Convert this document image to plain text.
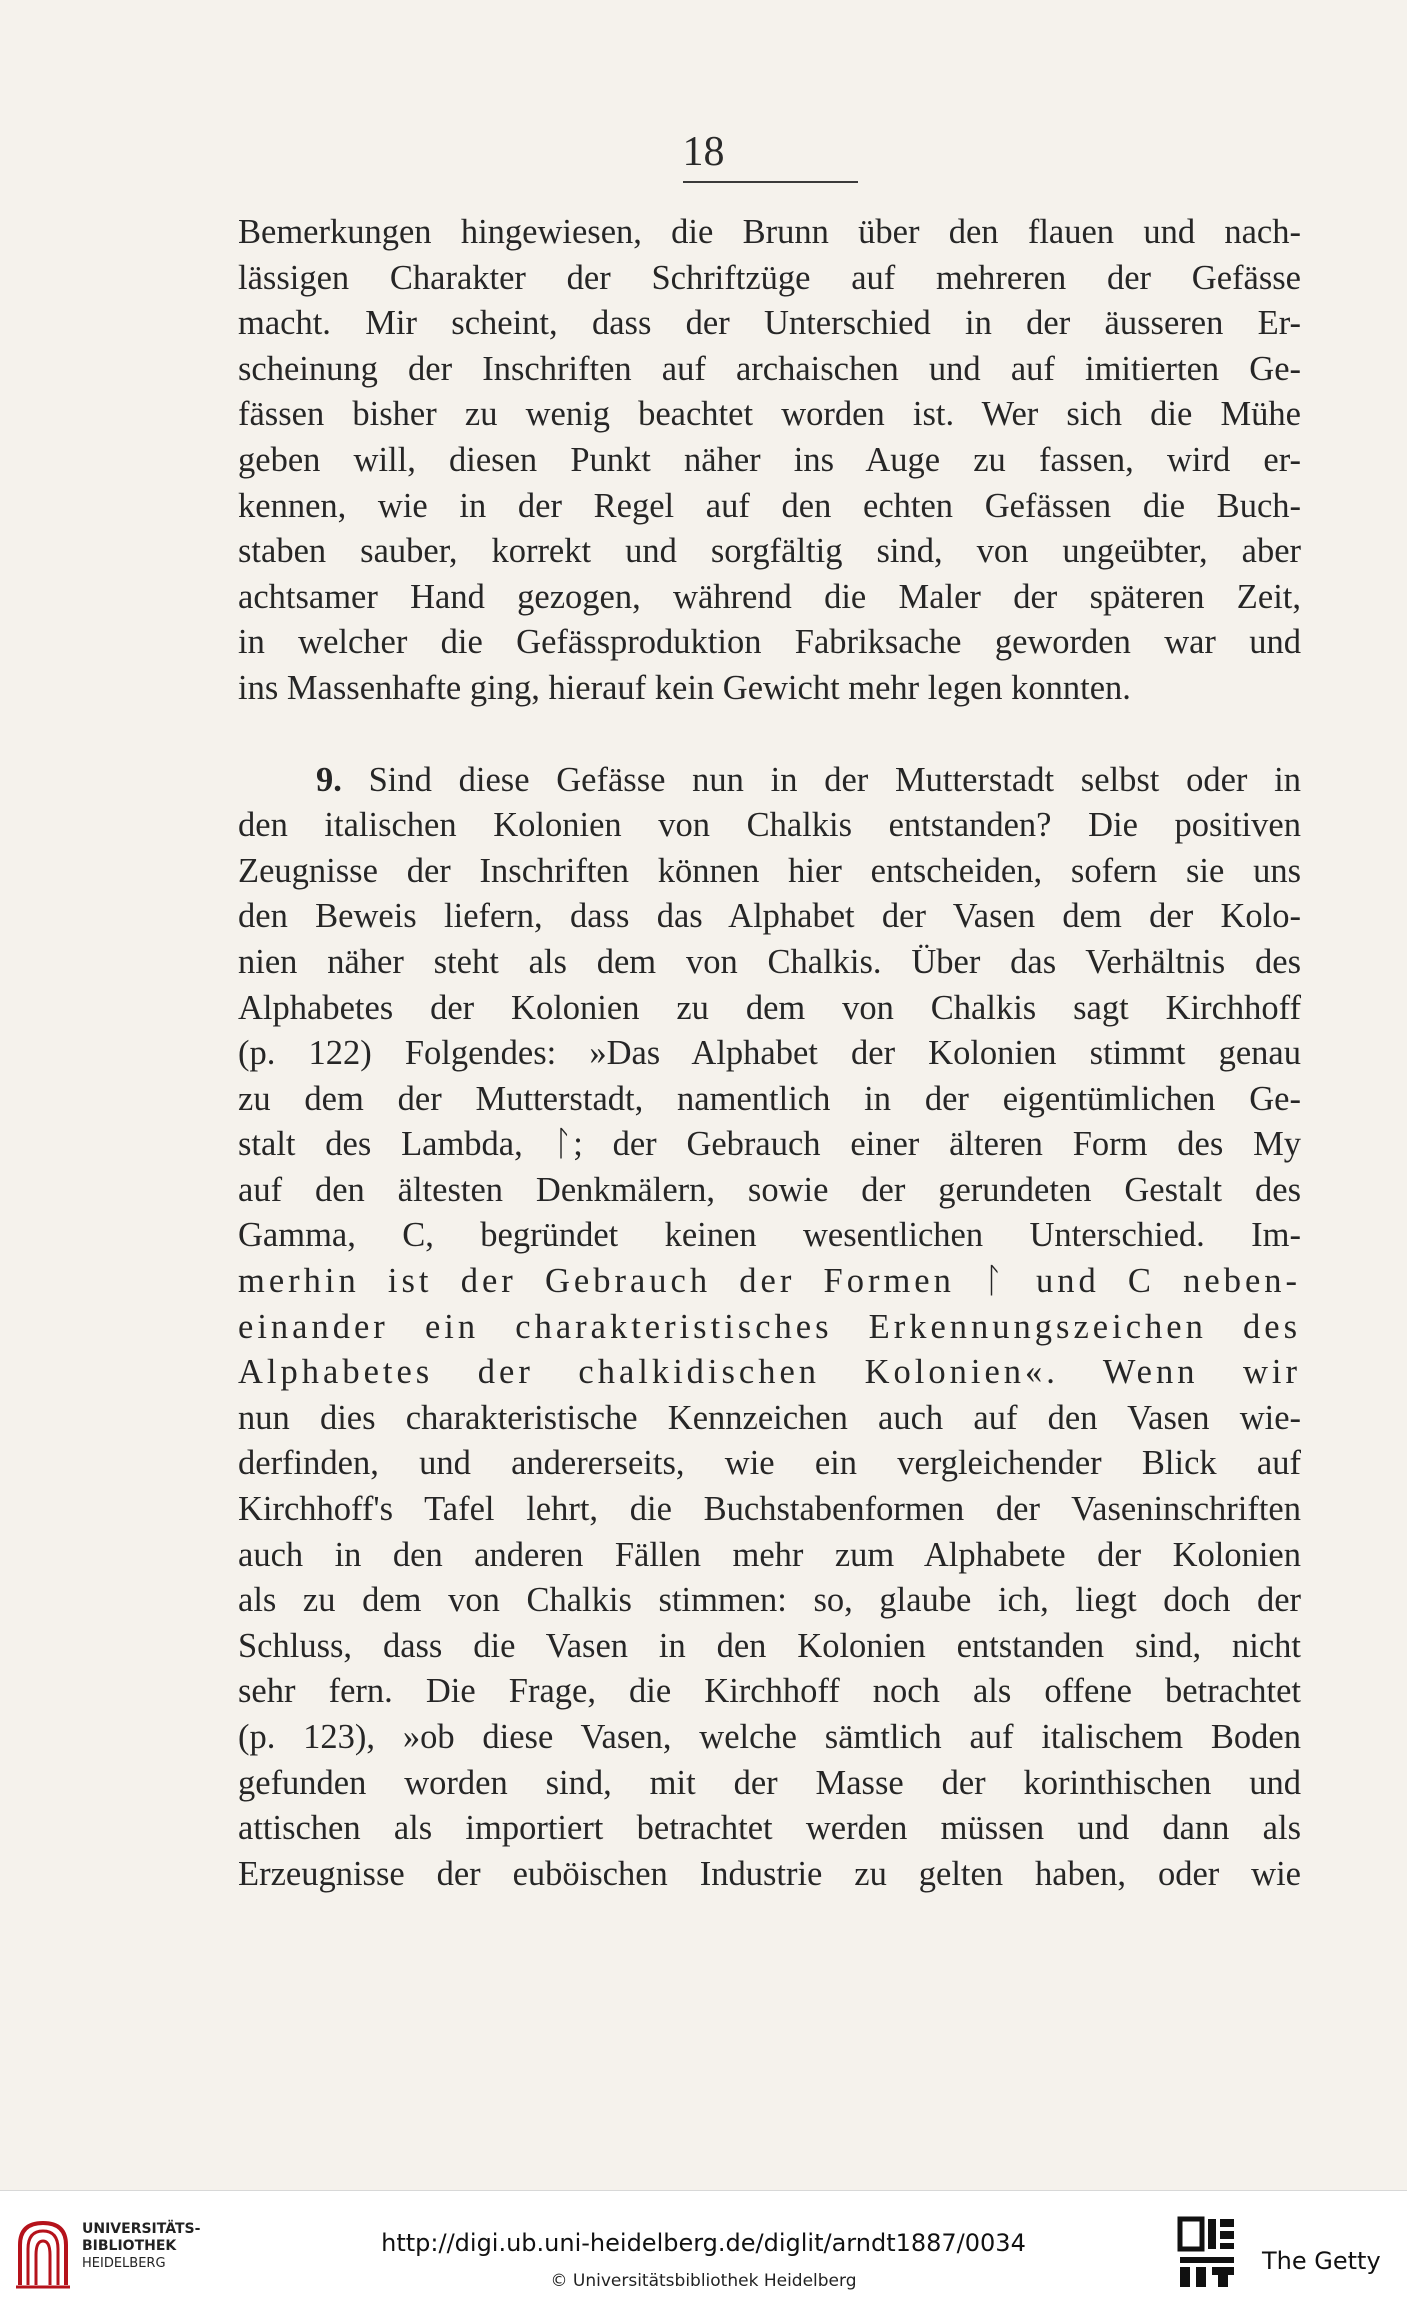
18
Bemerkungen hingewiesen, die Brunn über den flauen und nach-
lässigen Charakter der Schriftzüge auf mehreren der Gefässe
macht. Mir scheint, dass der Unterschied in der äusseren Er-
scheinung der Inschriften auf archaischen und auf imitierten Ge-
fässen bisher zu wenig beachtet worden ist. Wer sich die Mühe
geben will, diesen Punkt näher ins Auge zu fassen, wird er-
kennen, wie in der Regel auf den echten Gefässen die Buch-
staben sauber, korrekt und sorgfältig sind, von ungeübter, aber
achtsamer Hand gezogen, während die Maler der späteren Zeit,
in welcher die Gefässproduktion Fabriksache geworden war und
ins Massenhafte ging, hierauf kein Gewicht mehr legen konnten.
9. Sind diese Gefässe nun in der Mutterstadt selbst oder in
den italischen Kolonien von Chalkis entstanden? Die positiven
Zeugnisse der Inschriften können hier entscheiden, sofern sie uns
den Beweis liefern, dass das Alphabet der Vasen dem der Kolo-
nien näher steht als dem von Chalkis. Über das Verhältnis des
Alphabetes der Kolonien zu dem von Chalkis sagt Kirchhoff
(p. 122) Folgendes: »Das Alphabet der Kolonien stimmt genau
zu dem der Mutterstadt, namentlich in der eigentümlichen Ge-
stalt des Lambda, ᛚ; der Gebrauch einer älteren Form des My
auf den ältesten Denkmälern, sowie der gerundeten Gestalt des
Gamma, C, begründet keinen wesentlichen Unterschied. Im-
merhin ist der Gebrauch der Formen ᛚ und C neben-
einander ein charakteristisches Erkennungszeichen des
Alphabetes der chalkidischen Kolonien«. Wenn wir
nun dies charakteristische Kennzeichen auch auf den Vasen wie-
derfinden, und andererseits, wie ein vergleichender Blick auf
Kirchhoff's Tafel lehrt, die Buchstabenformen der Vaseninschriften
auch in den anderen Fällen mehr zum Alphabete der Kolonien
als zu dem von Chalkis stimmen: so, glaube ich, liegt doch der
Schluss, dass die Vasen in den Kolonien entstanden sind, nicht
sehr fern. Die Frage, die Kirchhoff noch als offene betrachtet
(p. 123), »ob diese Vasen, welche sämtlich auf italischem Boden
gefunden worden sind, mit der Masse der korinthischen und
attischen als importiert betrachtet werden müssen und dann als
Erzeugnisse der euböischen Industrie zu gelten haben, oder wie
UNIVERSITÄTS-
BIBLIOTHEK
HEIDELBERG
http://digi.ub.uni-heidelberg.de/diglit/arndt1887/0034
© Universitätsbibliothek Heidelberg
The Getty
